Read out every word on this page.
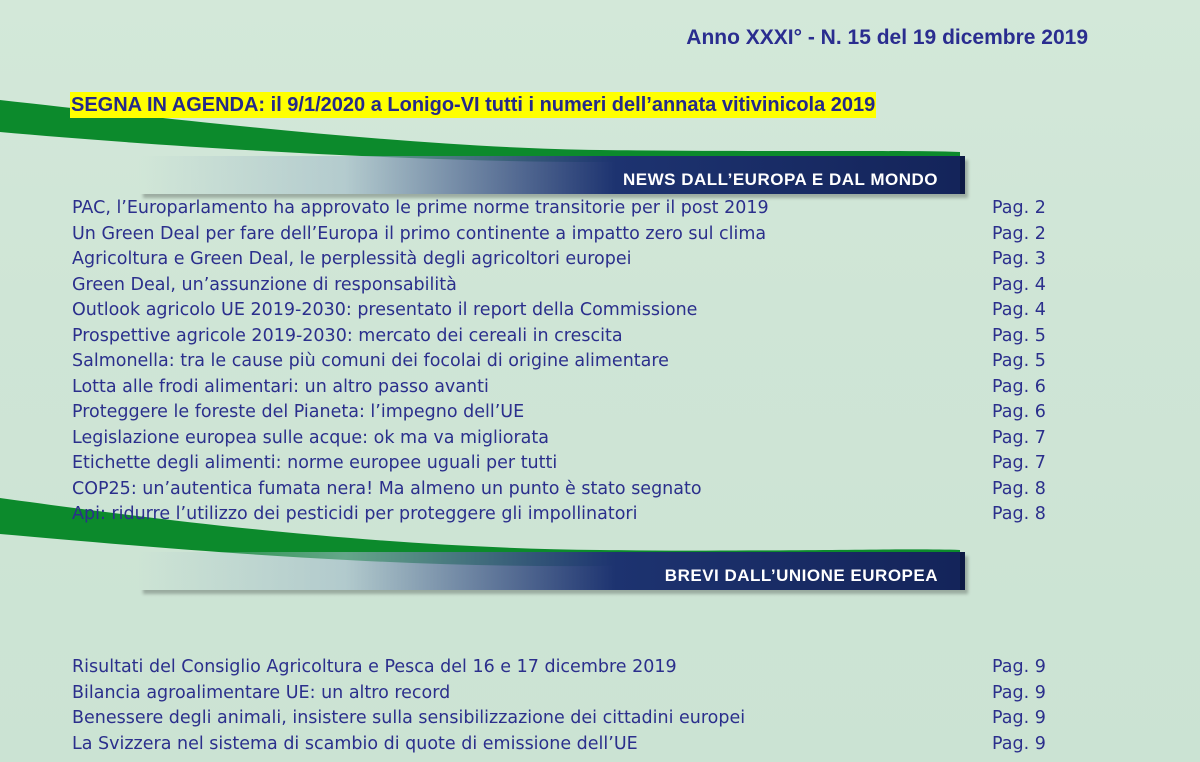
Anno XXXI° - N. 15 del 19 dicembre 2019
SEGNA IN AGENDA: il 9/1/2020 a Lonigo-VI tutti i numeri dell’annata vitivinicola 2019
NEWS DALL’EUROPA E DAL MONDO
PAC, l’Europarlamento ha approvato le prime norme transitorie per il post 2019	Pag. 2
Un Green Deal per fare dell’Europa il primo continente a impatto zero sul clima	Pag. 2
Agricoltura e Green Deal, le perplessità degli agricoltori europei	Pag. 3
Green Deal, un’assunzione di responsabilità	Pag. 4
Outlook agricolo UE 2019-2030: presentato il report della Commissione	Pag. 4
Prospettive agricole 2019-2030: mercato dei cereali in crescita	Pag. 5
Salmonella: tra le cause più comuni dei focolai di origine alimentare	Pag. 5
Lotta alle frodi alimentari: un altro passo avanti	Pag. 6
Proteggere le foreste del Pianeta: l’impegno dell’UE	Pag. 6
Legislazione europea sulle acque: ok ma va migliorata	Pag. 7
Etichette degli alimenti: norme europee uguali per tutti	Pag. 7
COP25: un’autentica fumata nera! Ma almeno un punto è stato segnato	Pag. 8
Api: ridurre l’utilizzo dei pesticidi per proteggere gli impollinatori	Pag. 8
BREVI DALL’UNIONE EUROPEA
Risultati del Consiglio Agricoltura e Pesca del 16 e 17 dicembre 2019	Pag. 9
Bilancia agroalimentare UE: un altro record	Pag. 9
Benessere degli animali, insistere sulla sensibilizzazione dei cittadini europei	Pag. 9
La Svizzera nel sistema di scambio di quote di emissione dell’UE	Pag. 9
